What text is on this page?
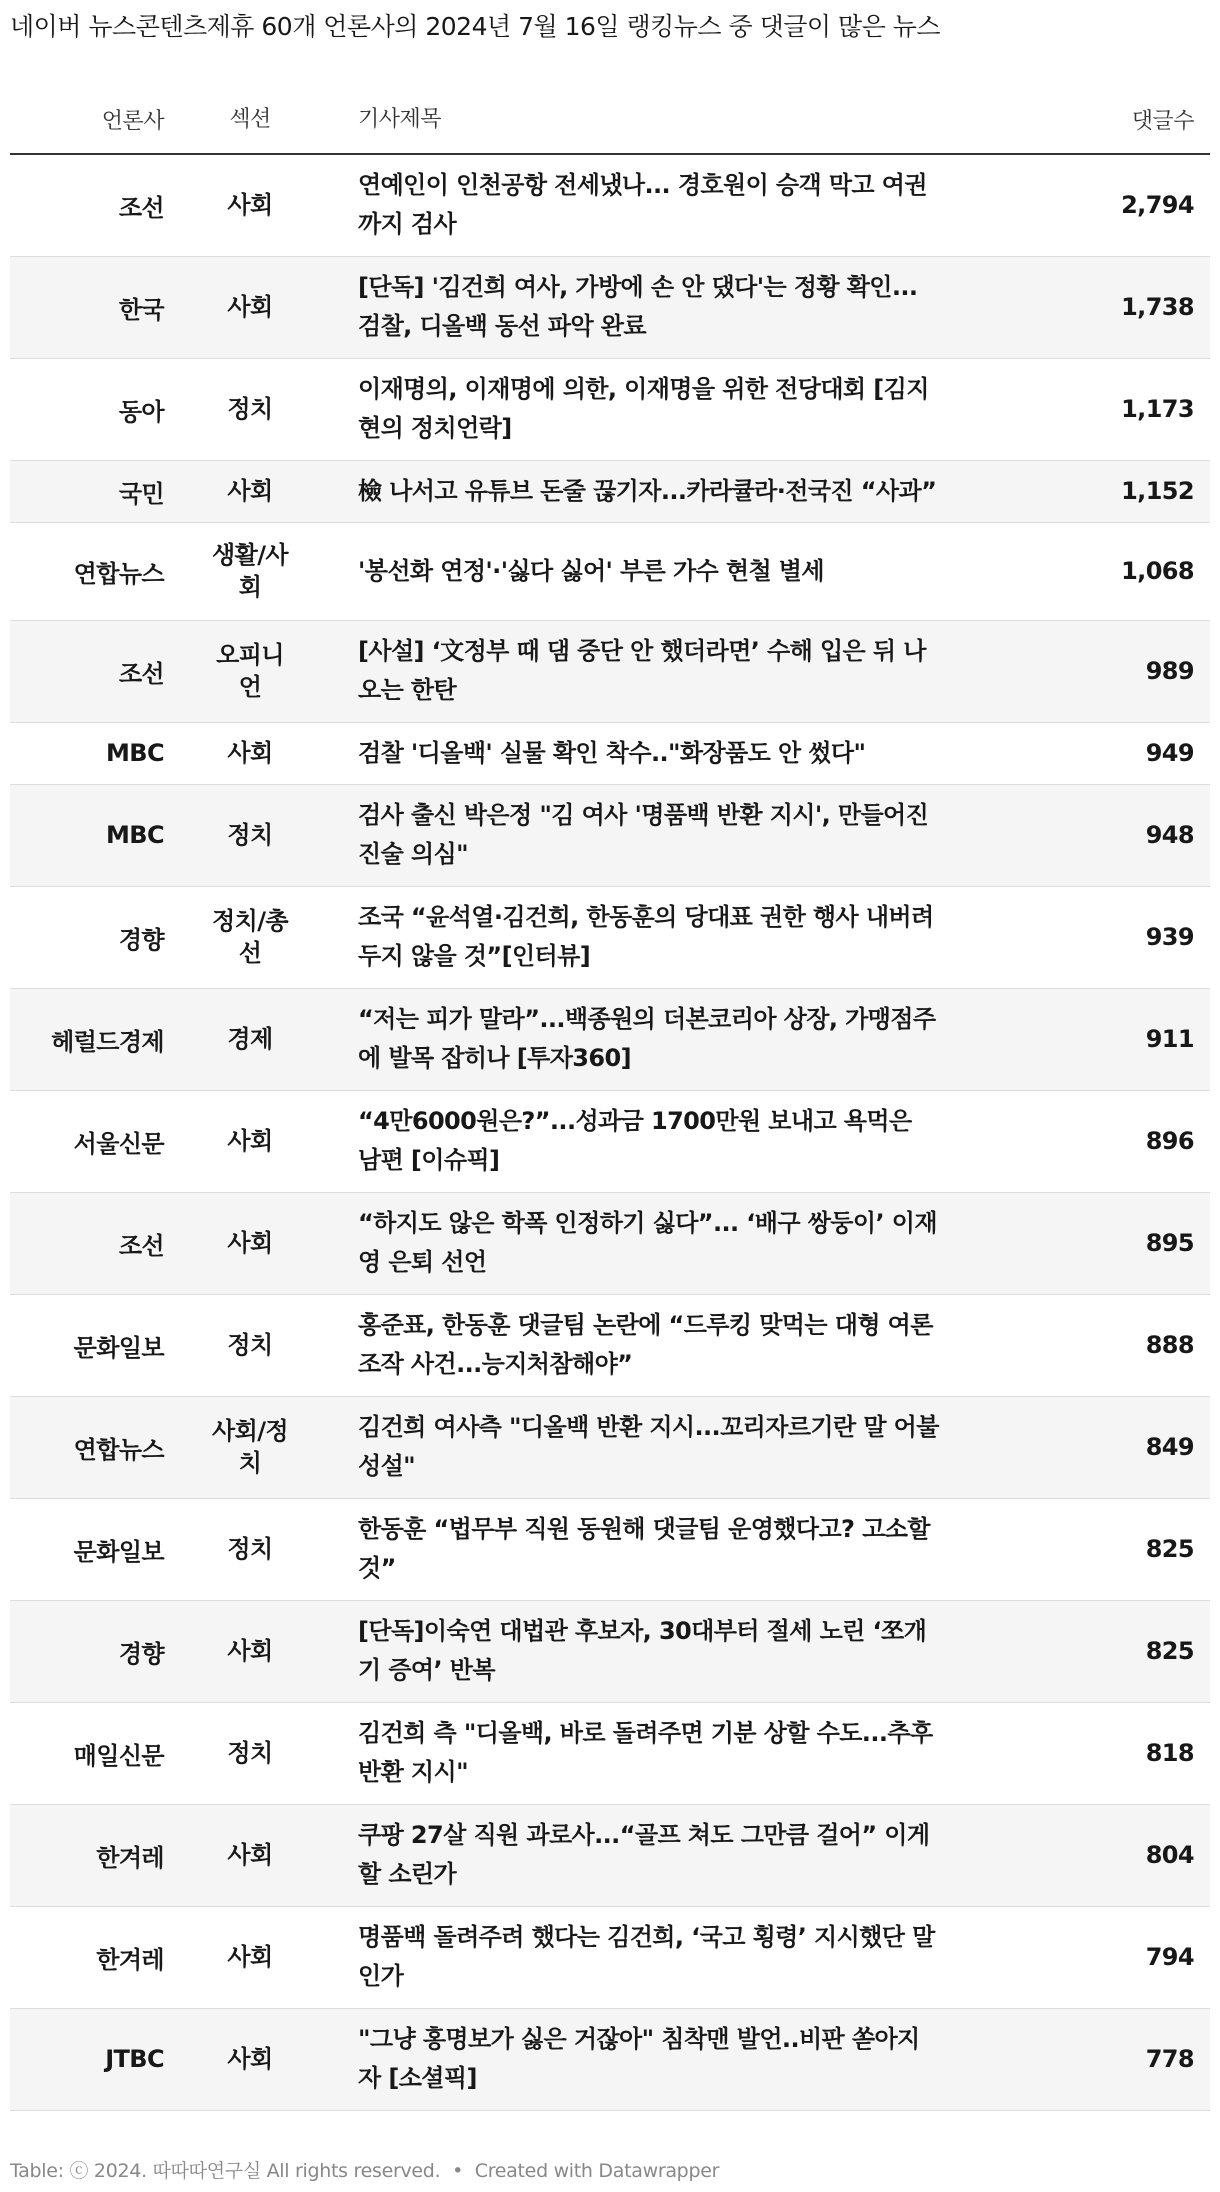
네이버 뉴스콘텐츠제휴 60개 언론사의 2024년 7월 16일 랭킹뉴스 중 댓글이 많은 뉴스
언론사	섹션	기사제목	댓글수
조선	사회	연예인이 인천공항 전세냈나... 경호원이 승객 막고 여권까지 검사	2,794
한국	사회	[단독] '김건희 여사, 가방에 손 안 댔다'는 정황 확인... 검찰, 디올백 동선 파악 완료	1,738
동아	정치	이재명의, 이재명에 의한, 이재명을 위한 전당대회 [김지현의 정치언락]	1,173
국민	사회	檢 나서고 유튜브 돈줄 끊기자...카라큘라·전국진 “사과”	1,152
연합뉴스	생활/사회	'봉선화 연정'·'싫다 싫어' 부른 가수 현철 별세	1,068
조선	오피니언	[사설] ‘文정부 때 댐 중단 안 했더라면’ 수해 입은 뒤 나오는 한탄	989
MBC	사회	검찰 '디올백' 실물 확인 착수.."화장품도 안 썼다"	949
MBC	정치	검사 출신 박은정 "김 여사 '명품백 반환 지시', 만들어진 진술 의심"	948
경향	정치/총선	조국 “윤석열·김건희, 한동훈의 당대표 권한 행사 내버려두지 않을 것”[인터뷰]	939
헤럴드경제	경제	“저는 피가 말라”...백종원의 더본코리아 상장, 가맹점주에 발목 잡히나 [투자360]	911
서울신문	사회	“4만6000원은?”...성과금 1700만원 보내고 욕먹은 남편 [이슈픽]	896
조선	사회	“하지도 않은 학폭 인정하기 싫다”... ‘배구 쌍둥이’ 이재영 은퇴 선언	895
문화일보	정치	홍준표, 한동훈 댓글팀 논란에 “드루킹 맞먹는 대형 여론조작 사건...능지처참해야”	888
연합뉴스	사회/정치	김건희 여사측 "디올백 반환 지시...꼬리자르기란 말 어불성설"	849
문화일보	정치	한동훈 “법무부 직원 동원해 댓글팀 운영했다고? 고소할 것”	825
경향	사회	[단독]이숙연 대법관 후보자, 30대부터 절세 노린 ‘쪼개기 증여’ 반복	825
매일신문	정치	김건희 측 "디올백, 바로 돌려주면 기분 상할 수도...추후 반환 지시"	818
한겨레	사회	쿠팡 27살 직원 과로사...“골프 쳐도 그만큼 걸어” 이게 할 소린가	804
한겨레	사회	명품백 돌려주려 했다는 김건희, ‘국고 횡령’ 지시했단 말인가	794
JTBC	사회	"그냥 홍명보가 싫은 거잖아" 침착맨 발언..비판 쏟아지자 [소셜픽]	778
Table: ⓒ 2024. 따따따연구실 All rights reserved. • Created with Datawrapper
